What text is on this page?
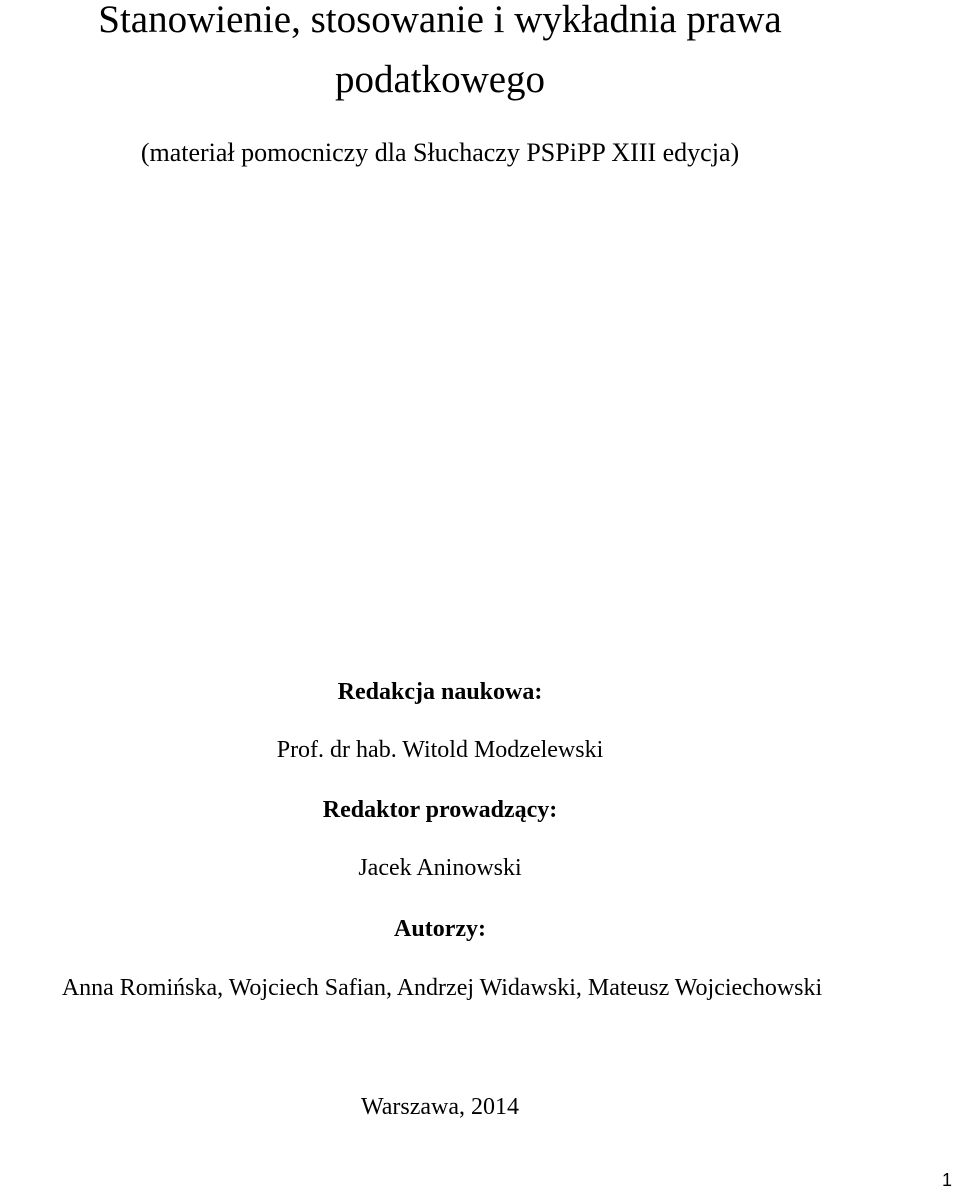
Stanowienie, stosowanie i wykładnia prawa
podatkowego
(materiał pomocniczy dla Słuchaczy PSPiPP XIII edycja)
Redakcja naukowa:
Prof. dr hab. Witold Modzelewski
Redaktor prowadzący:
Jacek Aninowski
Autorzy:
Anna Romińska, Wojciech Safian, Andrzej Widawski, Mateusz Wojciechowski
Warszawa, 2014
1
